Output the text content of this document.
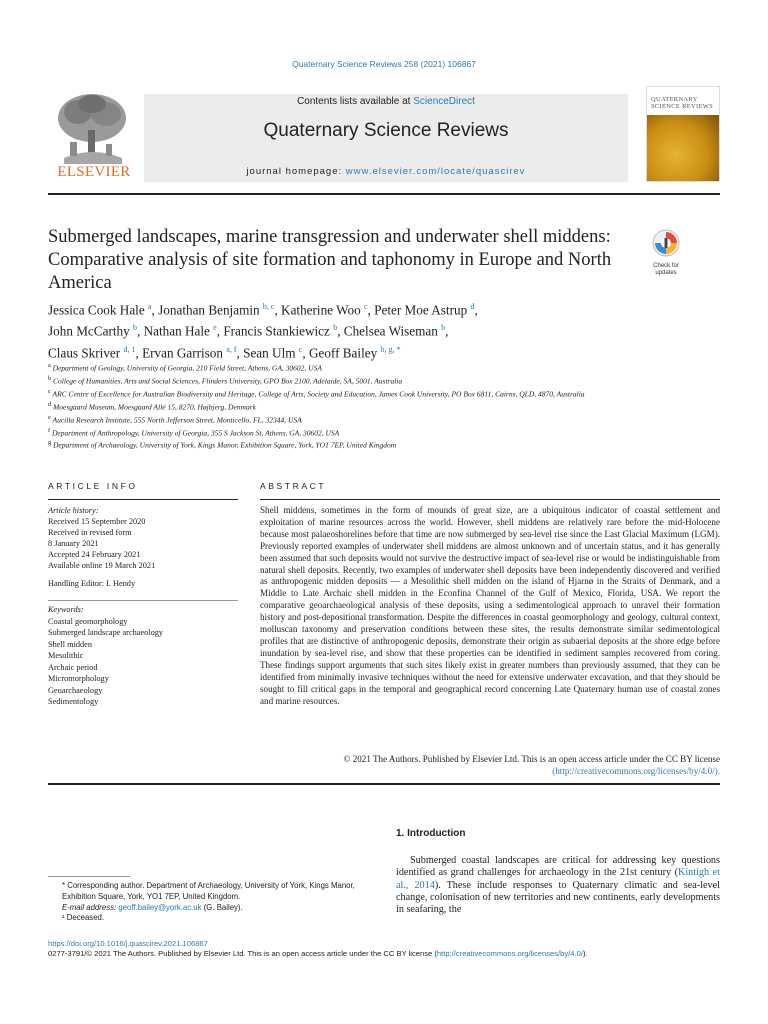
Quaternary Science Reviews 258 (2021) 106867
ELSEVIER
Contents lists available at ScienceDirect
Quaternary Science Reviews
journal homepage: www.elsevier.com/locate/quascirev
QUATERNARY SCIENCE REVIEWS
Submerged landscapes, marine transgression and underwater shell middens: Comparative analysis of site formation and taphonomy in Europe and North America
Check for updates
Jessica Cook Hale $^a$, Jonathan Benjamin $^{b, c}$, Katherine Woo $^c$, Peter Moe Astrup $^d$,
John McCarthy $^b$, Nathan Hale $^e$, Francis Stankiewicz $^b$, Chelsea Wiseman $^b$,
Claus Skriver $^{d, 1}$, Ervan Garrison $^{a, f}$, Sean Ulm $^c$, Geoff Bailey $^{b, g, *}$
$^a$ Department of Geology, University of Georgia, 210 Field Street, Athens, GA, 30602, USA
$^b$ College of Humanities, Arts and Social Sciences, Flinders University, GPO Box 2100, Adelaide, SA, 5001, Australia
$^c$ ARC Centre of Excellence for Australian Biodiversity and Heritage, College of Arts, Society and Education, James Cook University, PO Box 6811, Cairns, QLD, 4870, Australia
$^d$ Moesgaard Museum, Moesgaard Allé 15, 8270, Højbjerg, Denmark
$^e$ Aucilla Research Institute, 555 North Jefferson Street, Monticello, FL, 32344, USA
$^f$ Department of Anthropology, University of Georgia, 355 S Jackson St, Athens, GA, 30602, USA
$^g$ Department of Archaeology, University of York, Kings Manor, Exhibition Square, York, YO1 7EP, United Kingdom
ARTICLE INFO	ABSTRACT
Article history:
Received 15 September 2020
Received in revised form
8 January 2021
Accepted 24 February 2021
Available online 19 March 2021
Handling Editor: I. Hendy
Keywords:
Coastal geomorphology
Submerged landscape archaeology
Shell midden
Mesolithic
Archaic period
Micromorphology
Geoarchaeology
Sedimentology
Shell middens, sometimes in the form of mounds of great size, are a ubiquitous indicator of coastal settlement and exploitation of marine resources across the world. However, shell middens are relatively rare before the mid-Holocene because most palaeoshorelines before that time are now submerged by sea-level rise since the Last Glacial Maximum (LGM). Previously reported examples of underwater shell middens are almost unknown and of uncertain status, and it has generally been assumed that such deposits would not survive the destructive impact of sea-level rise or would be indistinguishable from natural shell deposits. Recently, two examples of underwater shell deposits have been independently discovered and verified as anthropogenic midden deposits — a Mesolithic shell midden on the island of Hjarnø in the Straits of Denmark, and a Middle to Late Archaic shell midden in the Econfina Channel of the Gulf of Mexico, Florida, USA. We report the comparative geoarchaeological analysis of these deposits, using a sedimentological approach to unravel their formation history and post-depositional transformation. Despite the differences in coastal geomorphology and geology, cultural context, molluscan taxonomy and preservation conditions between these sites, the results demonstrate similar sedimentological profiles that are distinctive of anthropogenic deposits, demonstrate their origin as subaerial deposits at the shore edge before inundation by sea-level rise, and show that these properties can be identified in sediment samples recovered from coring. These findings support arguments that such sites likely exist in greater numbers than previously assumed, that they can be identified from minimally invasive techniques without the need for extensive underwater excavation, and that they should be sought to fill critical gaps in the temporal and geographical record concerning Late Quaternary human use of coastal zones and marine resources.
© 2021 The Authors. Published by Elsevier Ltd. This is an open access article under the CC BY license
(http://creativecommons.org/licenses/by/4.0/).
1. Introduction
Submerged coastal landscapes are critical for addressing key questions identified as grand challenges for archaeology in the 21st century (Kintigh et al., 2014). These include responses to Quaternary climatic and sea-level change, colonisation of new territories and new continents, early developments in seafaring, the
* Corresponding author. Department of Archaeology, University of York, Kings Manor, Exhibition Square, York, YO1 7EP, United Kingdom.
E-mail address: geoff.bailey@york.ac.uk (G. Bailey).
¹ Deceased.
https://doi.org/10.1016/j.quascirev.2021.106867
0277-3791/© 2021 The Authors. Published by Elsevier Ltd. This is an open access article under the CC BY license (http://creativecommons.org/licenses/by/4.0/).
